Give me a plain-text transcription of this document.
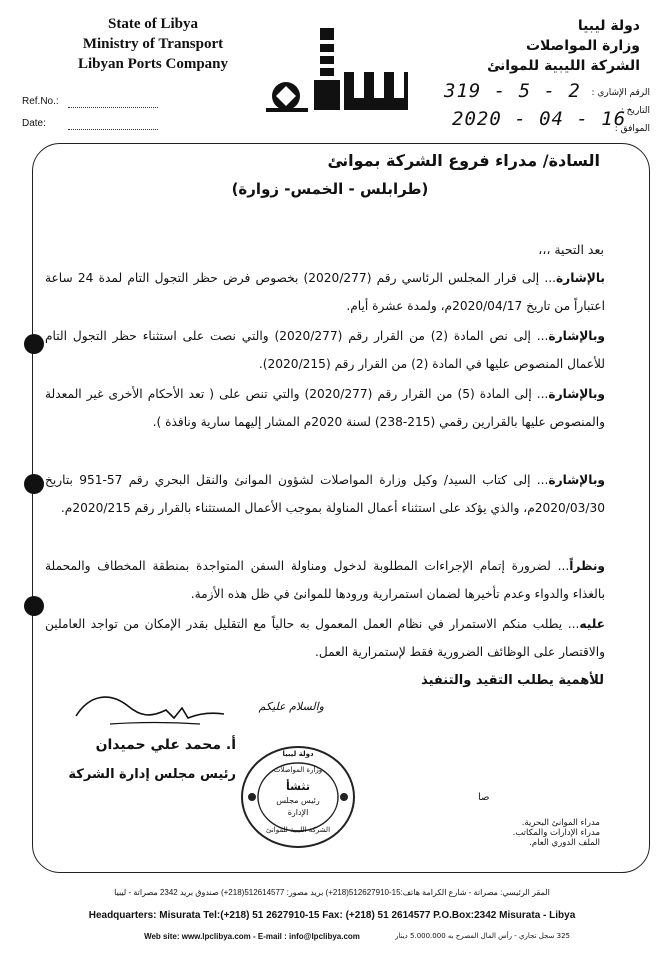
State of Libya
Ministry of Transport
Libyan Ports Company
دولة ليبيا
وزارة المواصلات
الشركة الليبية للموانئ
Ref.No.:
Date:
الرقم الإشاري :
التاريخ :
الموافق :
319 - 5 - 2
2020 - 04 - 16
السادة/ مدراء فروع الشركة بموانئ
(طرابلس - الخمس- زوارة)
بعد التحية ،،،
بالإشارة... إلى قرار المجلس الرئاسي رقم (2020/277) بخصوص فرض حظر التجول التام لمدة 24 ساعة اعتباراً من تاريخ 2020/04/17م، ولمدة عشرة أيام.
وبالإشارة... إلى نص المادة (2) من القرار رقم (2020/277) والتي نصت على استثناء حظر التجول التام للأعمال المنصوص عليها في المادة (2) من القرار رقم (2020/215).
وبالإشارة... إلى المادة (5) من القرار رقم (2020/277) والتي تنص على ( تعد الأحكام الأخرى غير المعدلة والمنصوص عليها بالقرارين رقمي (215-238) لسنة 2020م المشار إليهما سارية ونافذة ).
وبالإشارة... إلى كتاب السيد/ وكيل وزارة المواصلات لشؤون الموانئ والنقل البحري رقم 57-951 بتاريخ 2020/03/30م، والذي يؤكد على استثناء أعمال المناولة بموجب الأعمال المستثناء بالقرار رقم 2020/215م.
ونظراً... لضرورة إتمام الإجراءات المطلوبة لدخول ومناولة السفن المتواجدة بمنطقة المخطاف والمحملة بالغذاء والدواء وعدم تأخيرها لضمان استمرارية ورودها للموانئ في ظل هذه الأزمة.
عليه... يطلب منكم الاستمرار في نظام العمل المعمول به حالياً مع التقليل بقدر الإمكان من تواجد العاملين والاقتصار على الوظائف الضرورية فقط لإستمرارية العمل.
للأهمية يطلب التقيد والتنفيذ
والسلام عليكم
أ. محمد علي حميدان
رئيس مجلس إدارة الشركة
دولة ليبيا
وزارة المواصلات
تثشأ
رئيس مجلس
الإدارة
الشركة الليبية للموانئ
صا
مدراء الموانئ البحرية.
مدراء الإدارات والمكاتب.
الملف الدوري العام.
المقر الرئيسي: مصراتة - شارع الكرامة هاتف:15-512627910(218+) بريد مصور: 512614577(218+) صندوق بريد 2342 مصراتة - ليبيا
Headquarters: Misurata Tel:(+218) 51 2627910-15 Fax: (+218) 51 2614577 P.O.Box:2342 Misurata - Libya
Web site: www.lpclibya.com - E-mail : info@lpclibya.com	325 سجل تجاري - رأس المال المصرح به 5.000.000 دينار
